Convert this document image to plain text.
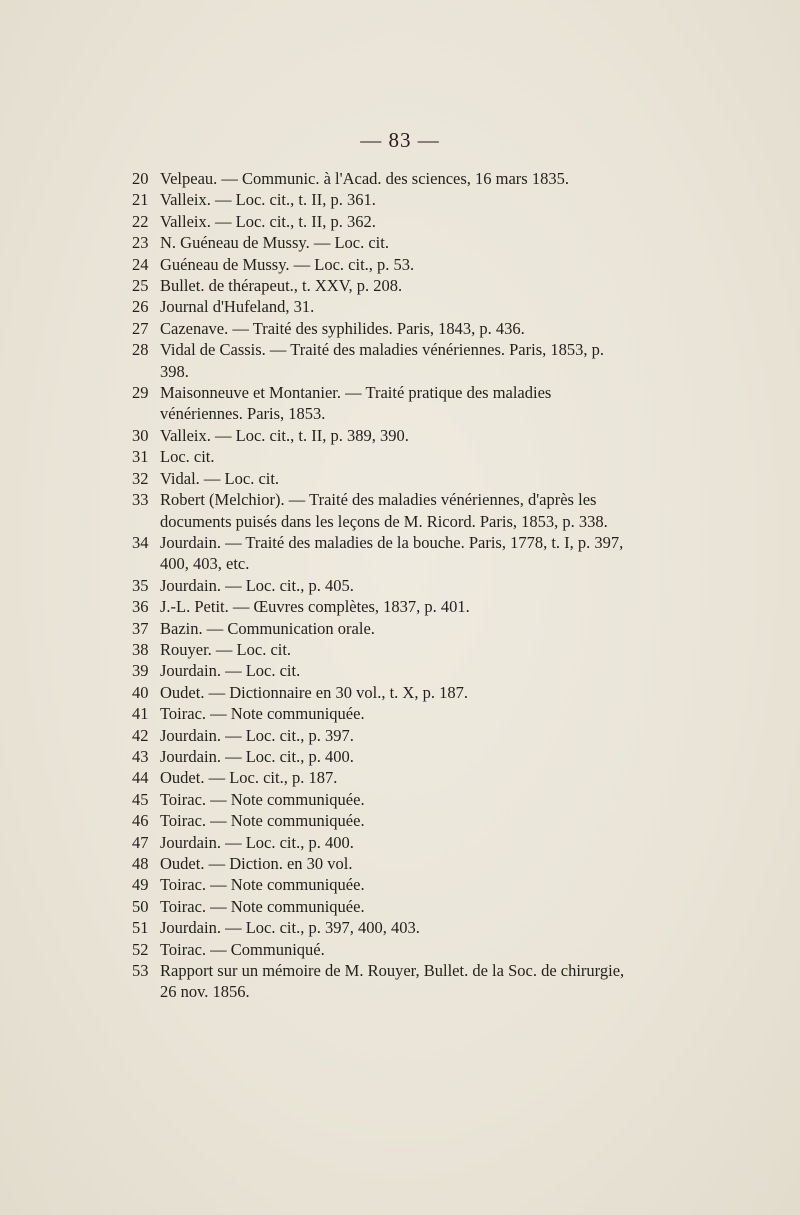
— 83 —
20 Velpeau. — Communic. à l'Acad. des sciences, 16 mars 1835.
21 Valleix. — Loc. cit., t. II, p. 361.
22 Valleix. — Loc. cit., t. II, p. 362.
23 N. Guéneau de Mussy. — Loc. cit.
24 Guéneau de Mussy. — Loc. cit., p. 53.
25 Bullet. de thérapeut., t. XXV, p. 208.
26 Journal d'Hufeland, 31.
27 Cazenave. — Traité des syphilides. Paris, 1843, p. 436.
28 Vidal de Cassis. — Traité des maladies vénériennes. Paris, 1853, p. 398.
29 Maisonneuve et Montanier. — Traité pratique des maladies vénériennes. Paris, 1853.
30 Valleix. — Loc. cit., t. II, p. 389, 390.
31 Loc. cit.
32 Vidal. — Loc. cit.
33 Robert (Melchior). — Traité des maladies vénériennes, d'après les documents puisés dans les leçons de M. Ricord. Paris, 1853, p. 338.
34 Jourdain. — Traité des maladies de la bouche. Paris, 1778, t. I, p. 397, 400, 403, etc.
35 Jourdain. — Loc. cit., p. 405.
36 J.-L. Petit. — Œuvres complètes, 1837, p. 401.
37 Bazin. — Communication orale.
38 Rouyer. — Loc. cit.
39 Jourdain. — Loc. cit.
40 Oudet. — Dictionnaire en 30 vol., t. X, p. 187.
41 Toirac. — Note communiquée.
42 Jourdain. — Loc. cit., p. 397.
43 Jourdain. — Loc. cit., p. 400.
44 Oudet. — Loc. cit., p. 187.
45 Toirac. — Note communiquée.
46 Toirac. — Note communiquée.
47 Jourdain. — Loc. cit., p. 400.
48 Oudet. — Diction. en 30 vol.
49 Toirac. — Note communiquée.
50 Toirac. — Note communiquée.
51 Jourdain. — Loc. cit., p. 397, 400, 403.
52 Toirac. — Communiqué.
53 Rapport sur un mémoire de M. Rouyer, Bullet. de la Soc. de chirurgie, 26 nov. 1856.
